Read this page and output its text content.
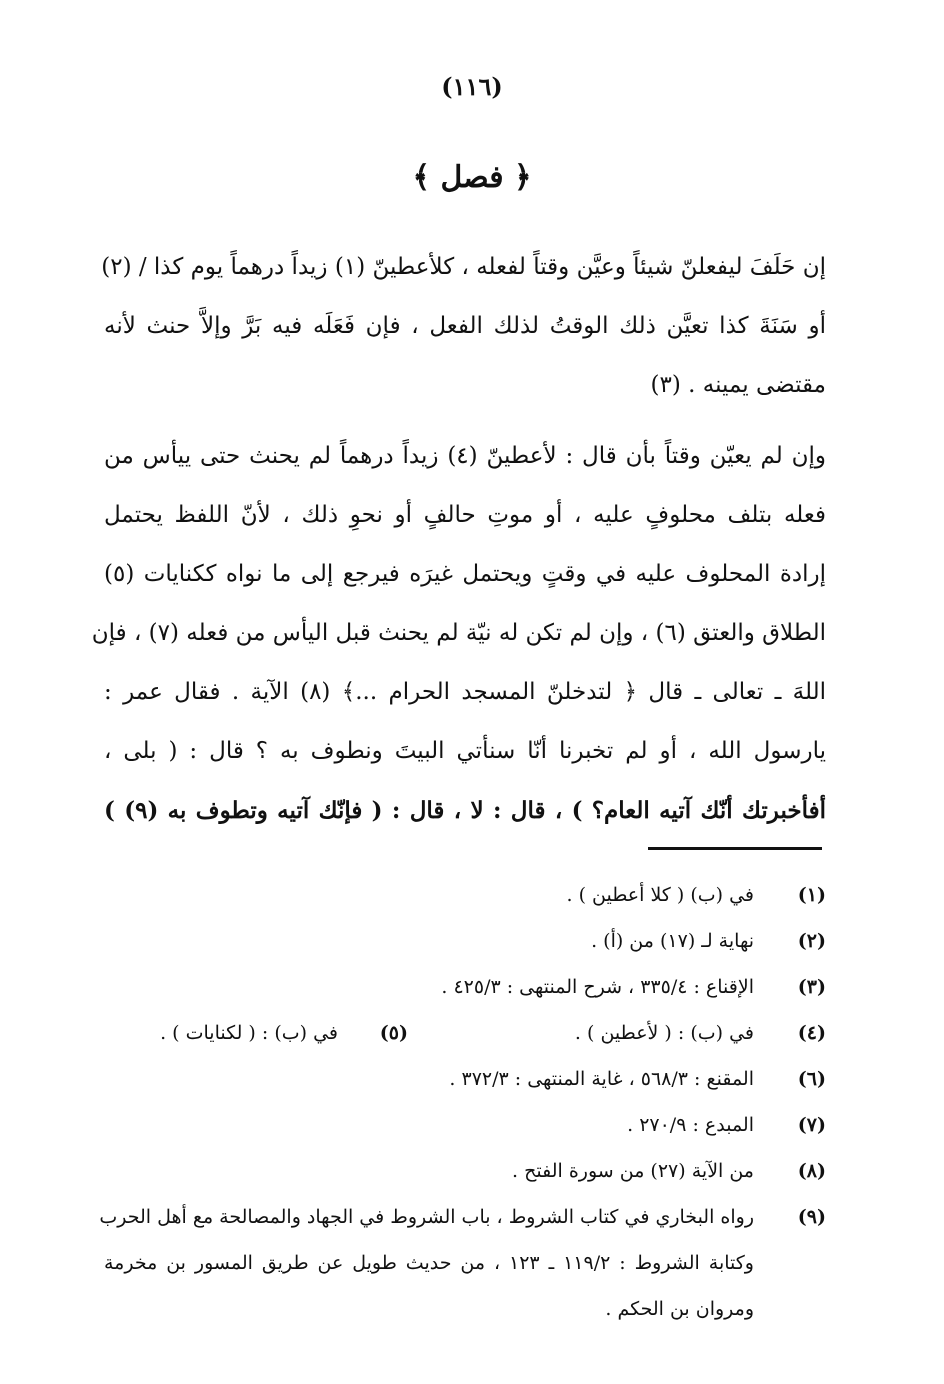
(١١٦)
﴿ فصل ﴾
إن حَلَفَ ليفعلنّ شيئاً وعيَّن وقتاً لفعله ، كلأعطينّ (١) زيداً درهماً يوم كذا / (٢)
أو سَنَةَ كذا تعيَّن ذلك الوقتُ لذلك الفعل ، فإن فَعَلَه فيه بَرَّ وإلاَّ حنث لأنه
مقتضى يمينه . (٣)
وإن لم يعيّن وقتاً بأن قال : لأعطينّ (٤) زيداً درهماً لم يحنث حتى ييأس من
فعله بتلف محلوفٍ عليه ، أو موتِ حالفٍ أو نحوِ ذلك ، لأنّ اللفظ يحتمل
إرادة المحلوف عليه في وقتٍ ويحتمل غيرَه فيرجع إلى ما نواه ككنايات (٥)
الطلاق والعتق (٦) ، وإن لم تكن له نيّة لم يحنث قبل اليأس من فعله (٧) ، فإن
اللهَ ـ تعالى ـ قال ﴿ لتدخلنّ المسجد الحرام ...﴾ (٨) الآية . فقال عمر :
يارسول الله ، أو لم تخبرنا أنّا سنأتي البيتَ ونطوف به ؟ قال : ( بلى ،
أفأخبرتك أنّك آتيه العام؟ ) ، قال : لا ، قال : ( فإنّك آتيه وتطوف به (٩) )
(١)في (ب) ( كلا أعطين ) .
(٢)نهاية لـ (١٧) من (أ) .
(٣)الإقناع : ٣٣٥/٤ ، شرح المنتهى : ٤٢٥/٣ .
(٤)في (ب) : ( لأعطين ) .
(٥)
في (ب) : ( لكنايات ) .
(٦)المقنع : ٥٦٨/٣ ، غاية المنتهى : ٣٧٢/٣ .
(٧)المبدع : ٢٧٠/٩ .
(٨)من الآية (٢٧) من سورة الفتح .
(٩)رواه البخاري في كتاب الشروط ، باب الشروط في الجهاد والمصالحة مع أهل الحرب
وكتابة الشروط : ١١٩/٢ ـ ١٢٣ ، من حديث طويل عن طريق المسور بن مخرمة
ومروان بن الحكم .
